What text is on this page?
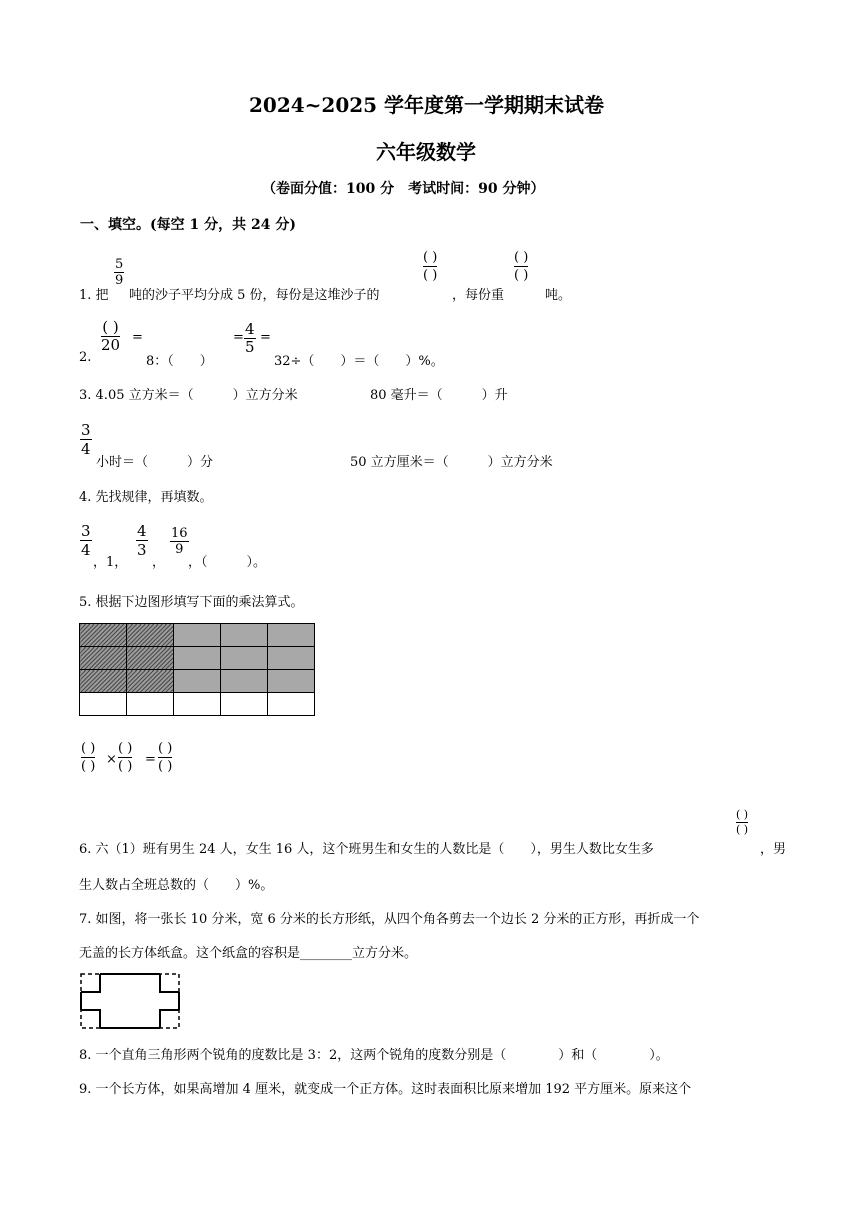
2024~2025 学年度第一学期期末试卷
六年级数学
（卷面分值：100 分　考试时间：90 分钟）
一、填空。(每空 1 分，共 24 分)
1. 把
5
9
吨的沙子平均分成 5 份，每份是这堆沙子的
( )
( )
，每份重
( )
( )
吨。
2.
( )
20 =
8：（　　）
= 4
5
=
32÷（　　）＝（　　）%。
3. 4.05 立方米＝（　　　）立方分米	80 毫升＝（　　　）升
3
4
小时＝（　　　）分	50 立方厘米＝（　　　）立方分米
4. 先找规律，再填数。
3
4
，1，
4
3
，
16
9
，（　　　）。
5. 根据下边图形填写下面的乘法算式。

( )
( ) ×
( )
( ) =
( )
( )
6. 六（1）班有男生 24 人，女生 16 人，这个班男生和女生的人数比是（　　），男生人数比女生多
( )
( )
，男
生人数占全班总数的（　　）%。
7. 如图，将一张长 10 分米，宽 6 分米的长方形纸，从四个角各剪去一个边长 2 分米的正方形，再折成一个
无盖的长方体纸盒。这个纸盒的容积是________立方分米。
8. 一个直角三角形两个锐角的度数比是 3：2，这两个锐角的度数分别是（　　　　）和（　　　　）。
9. 一个长方体，如果高增加 4 厘米，就变成一个正方体。这时表面积比原来增加 192 平方厘米。原来这个
